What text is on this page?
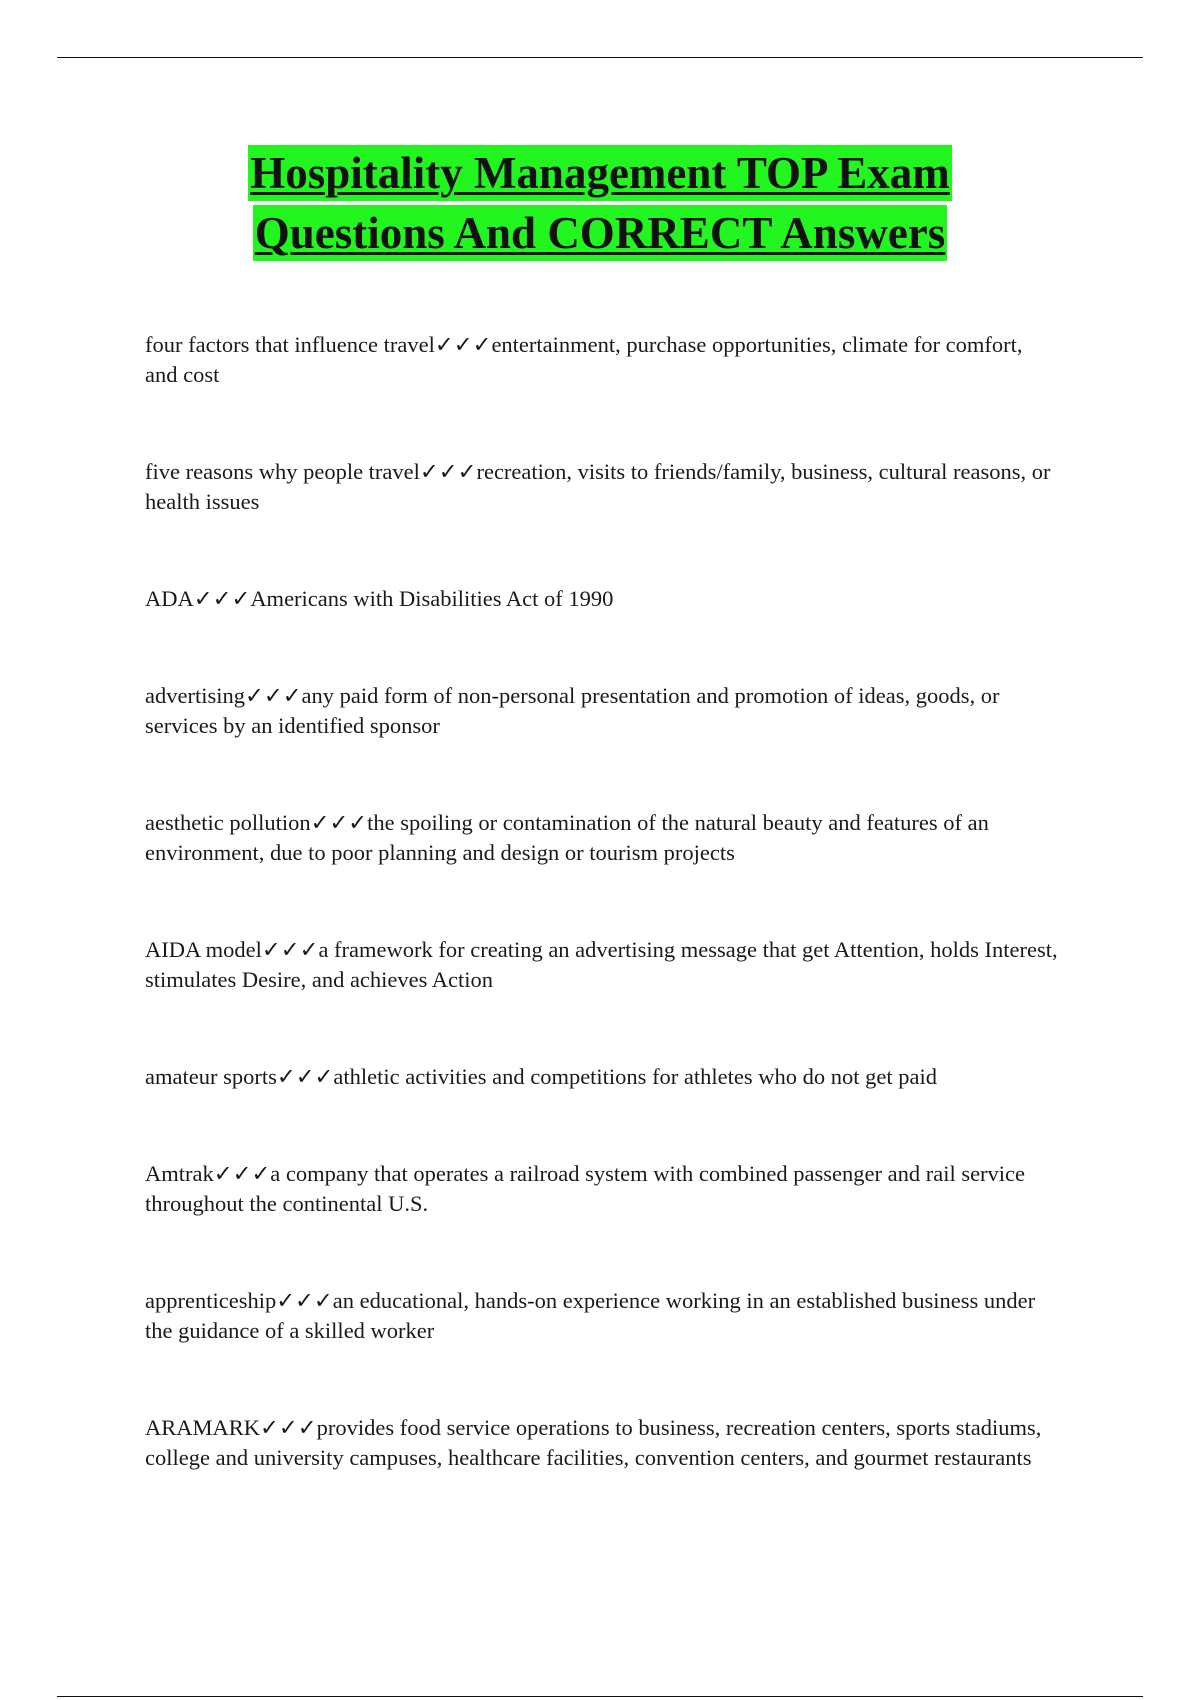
Hospitality Management TOP Exam
Questions And CORRECT Answers

four factors that influence travel✓✓✓entertainment, purchase opportunities, climate for comfort, and cost

five reasons why people travel✓✓✓recreation, visits to friends/family, business, cultural reasons, or health issues

ADA✓✓✓Americans with Disabilities Act of 1990

advertising✓✓✓any paid form of non-personal presentation and promotion of ideas, goods, or services by an identified sponsor

aesthetic pollution✓✓✓the spoiling or contamination of the natural beauty and features of an environment, due to poor planning and design or tourism projects

AIDA model✓✓✓a framework for creating an advertising message that get Attention, holds Interest, stimulates Desire, and achieves Action

amateur sports✓✓✓athletic activities and competitions for athletes who do not get paid

Amtrak✓✓✓a company that operates a railroad system with combined passenger and rail service throughout the continental U.S.

apprenticeship✓✓✓an educational, hands-on experience working in an established business under the guidance of a skilled worker

ARAMARK✓✓✓provides food service operations to business, recreation centers, sports stadiums, college and university campuses, healthcare facilities, convention centers, and gourmet restaurants
